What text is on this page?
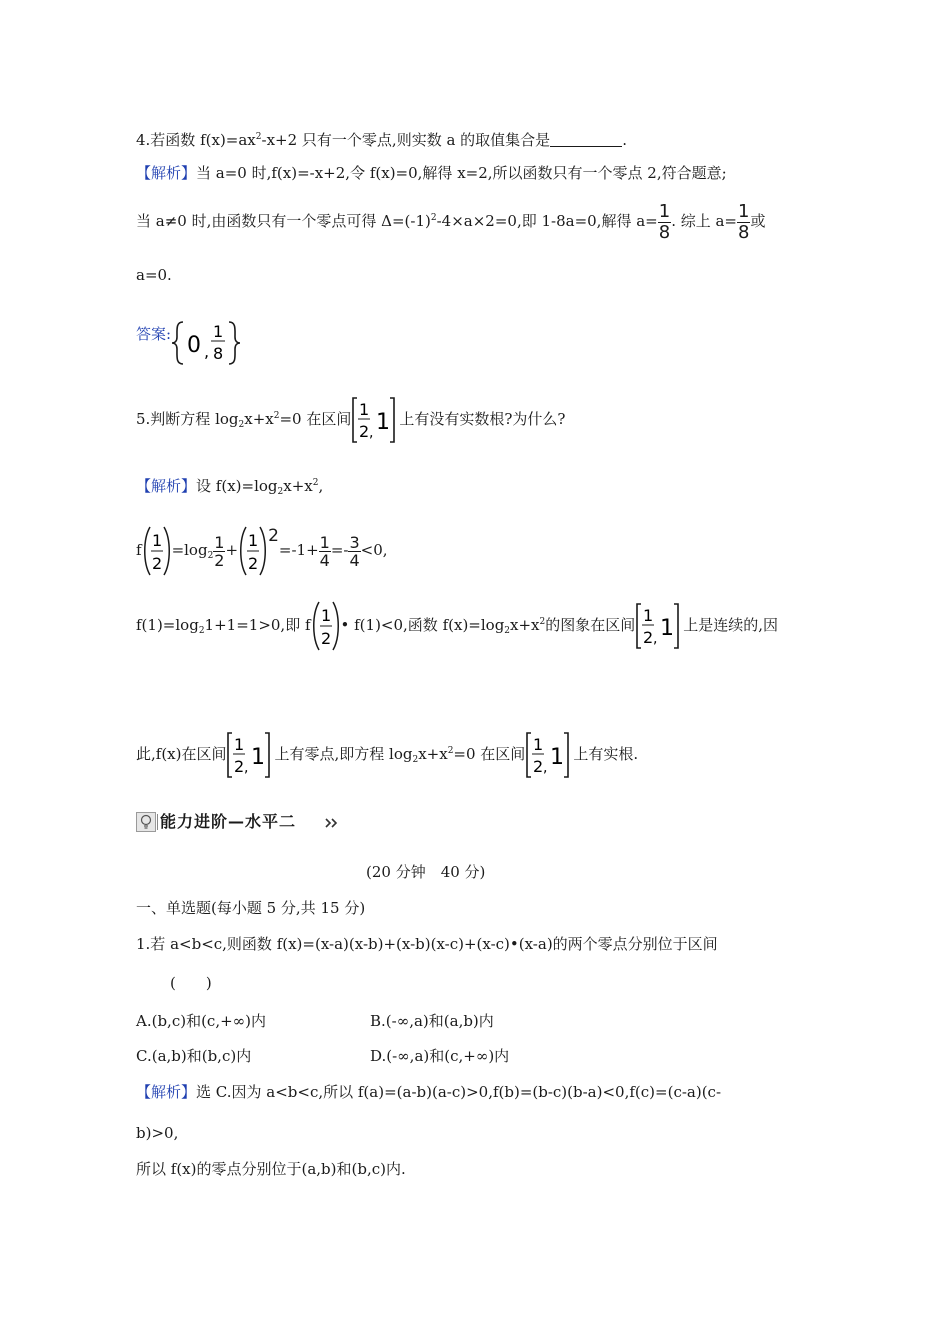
4.若函数 $f(x)=ax^2-x+2$ 只有一个零点,则实数 a 的取值集合是	.
【解析】当 a=0 时,f(x)=-x+2,令 f(x)=0,解得 x=2,所以函数只有一个零点 2,符合题意;
当 a≠0 时,由函数只有一个零点可得 $\Delta=(-1)^2-4\times a\times 2=0$,即 1-8a=0,解得 $a= \frac{1}{8}$ . 综上 $a= \frac{1}{8}$ 或
a=0.
答案: 0 ,
1
8
5.判断方程 $\log_2x+x^2=0$ 在区间 1
2 , 1 上有没有实数根?为什么?
【解析】设 $f(x)=\log_2x+x^2$,
f 1
2
$=\log_2 \frac{1}{2} + 1$
2
$2=-1+ \frac{1}{4} =- \frac{3}{4} <0$,
$f(1)=\log_21+1=1>0$,即 f 1
2
• f(1)<0,函数 $f(x)=\log_2x+x^2$的图象在区间 1
2 , 1 上是连续的,因
此,f(x)在区间 1
2 , 1 上有零点,即方程 $\log_2x+x^2=0$ 在区间 1
2 , 1 上有实根.
能力进阶—水平二
(20 分钟　40 分)
一、单选题(每小题 5 分,共 15 分)
1.若 a<b<c,则函数 f(x)=(x-a)(x-b)+(x-b)(x-c)+(x-c)•(x-a)的两个零点分别位于区间
(　　)
A.(b,c)和(c,+∞)内	B.(-∞,a)和(a,b)内
C.(a,b)和(b,c)内	D.(-∞,a)和(c,+∞)内
【解析】选 C.因为 a<b<c,所以 f(a)=(a-b)(a-c)>0,f(b)=(b-c)(b-a)<0,f(c)=(c-a)(c-
b)>0,
所以 f(x)的零点分别位于(a,b)和(b,c)内.
